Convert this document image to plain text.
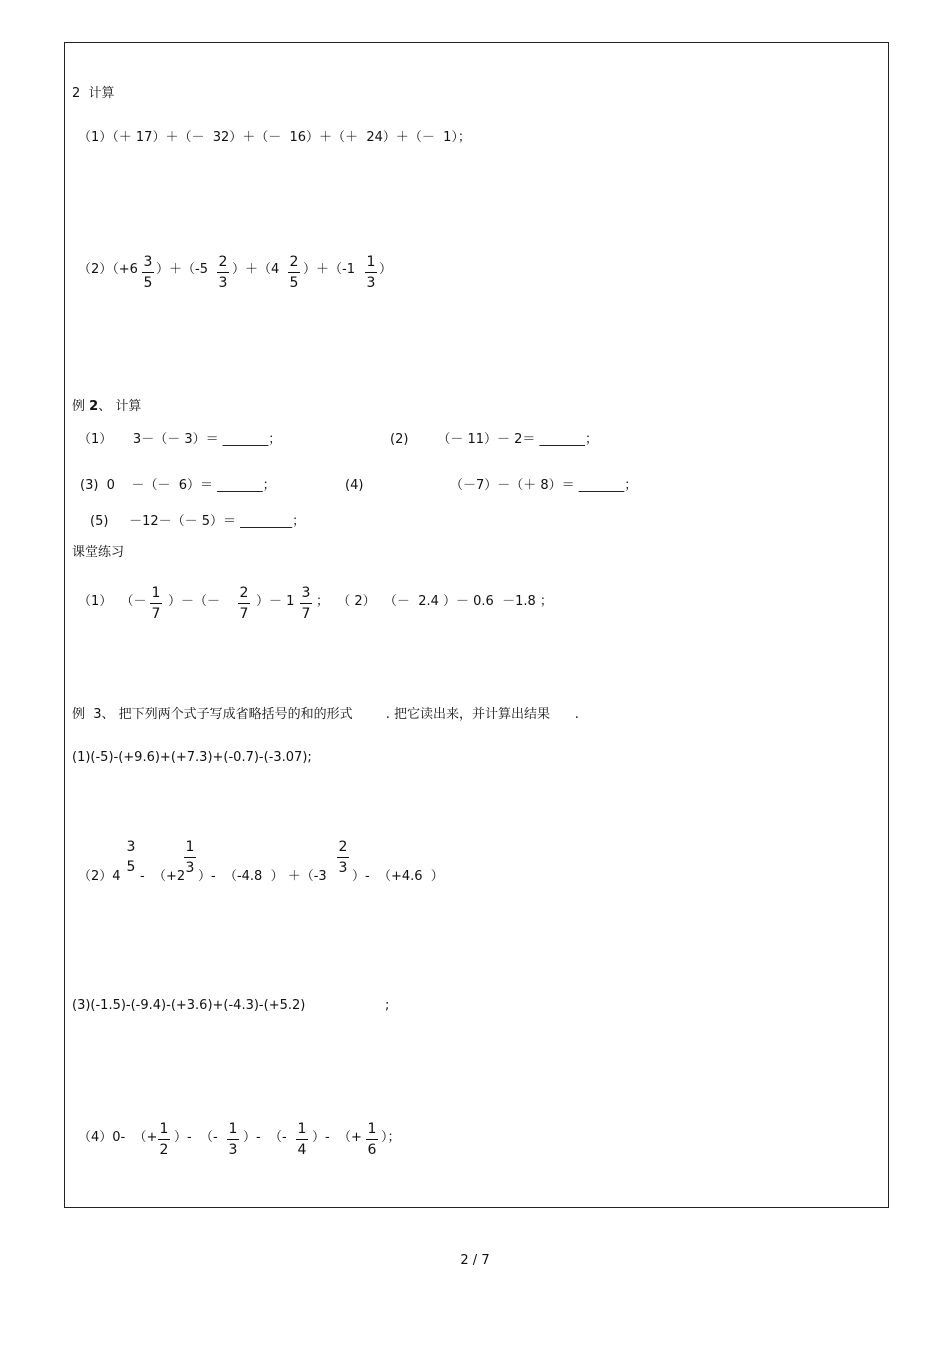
2  计算
（1）（＋ 17）＋（－  32）＋（－  16）＋（＋  24）＋（－  1）；
（2）（+6 3
5
）＋（-5 2
3
）＋（4 2
5
）＋（-1 1
3
）
例 2、 计算
（1）     3－（－ 3）＝ _______；	(2)       （－ 11）－ 2＝ _______；
(3)  0    －（－  6）＝ _______；	(4)	（－7）－（＋ 8）＝ _______；
(5)     －12－（－ 5）＝ ________；
课堂练习
（1）  （－
1
7
）－（－
2
7
）－ 1
3
7
；  （ 2）  （－  2.4 ）－ 0.6  －1.8 ；
例  3、 把下列两个式子写成省略括号的和的形式        . 把它读出来，并计算出结果      .
(1)(-5)-(+9.6)+(+7.3)+(-0.7)-(-3.07);
（2）4
3
5
-  （+2
1
3
）-  （-4.8  ） ＋（-3
2
3
）-  （+4.6  ）
(3)(-1.5)-(-9.4)-(+3.6)+(-4.3)-(+5.2)	;
（4）0-  （+
1
2
）-  （-
1
3
）-  （-
1
4
）-  （+
1
6
）；
2 / 7
